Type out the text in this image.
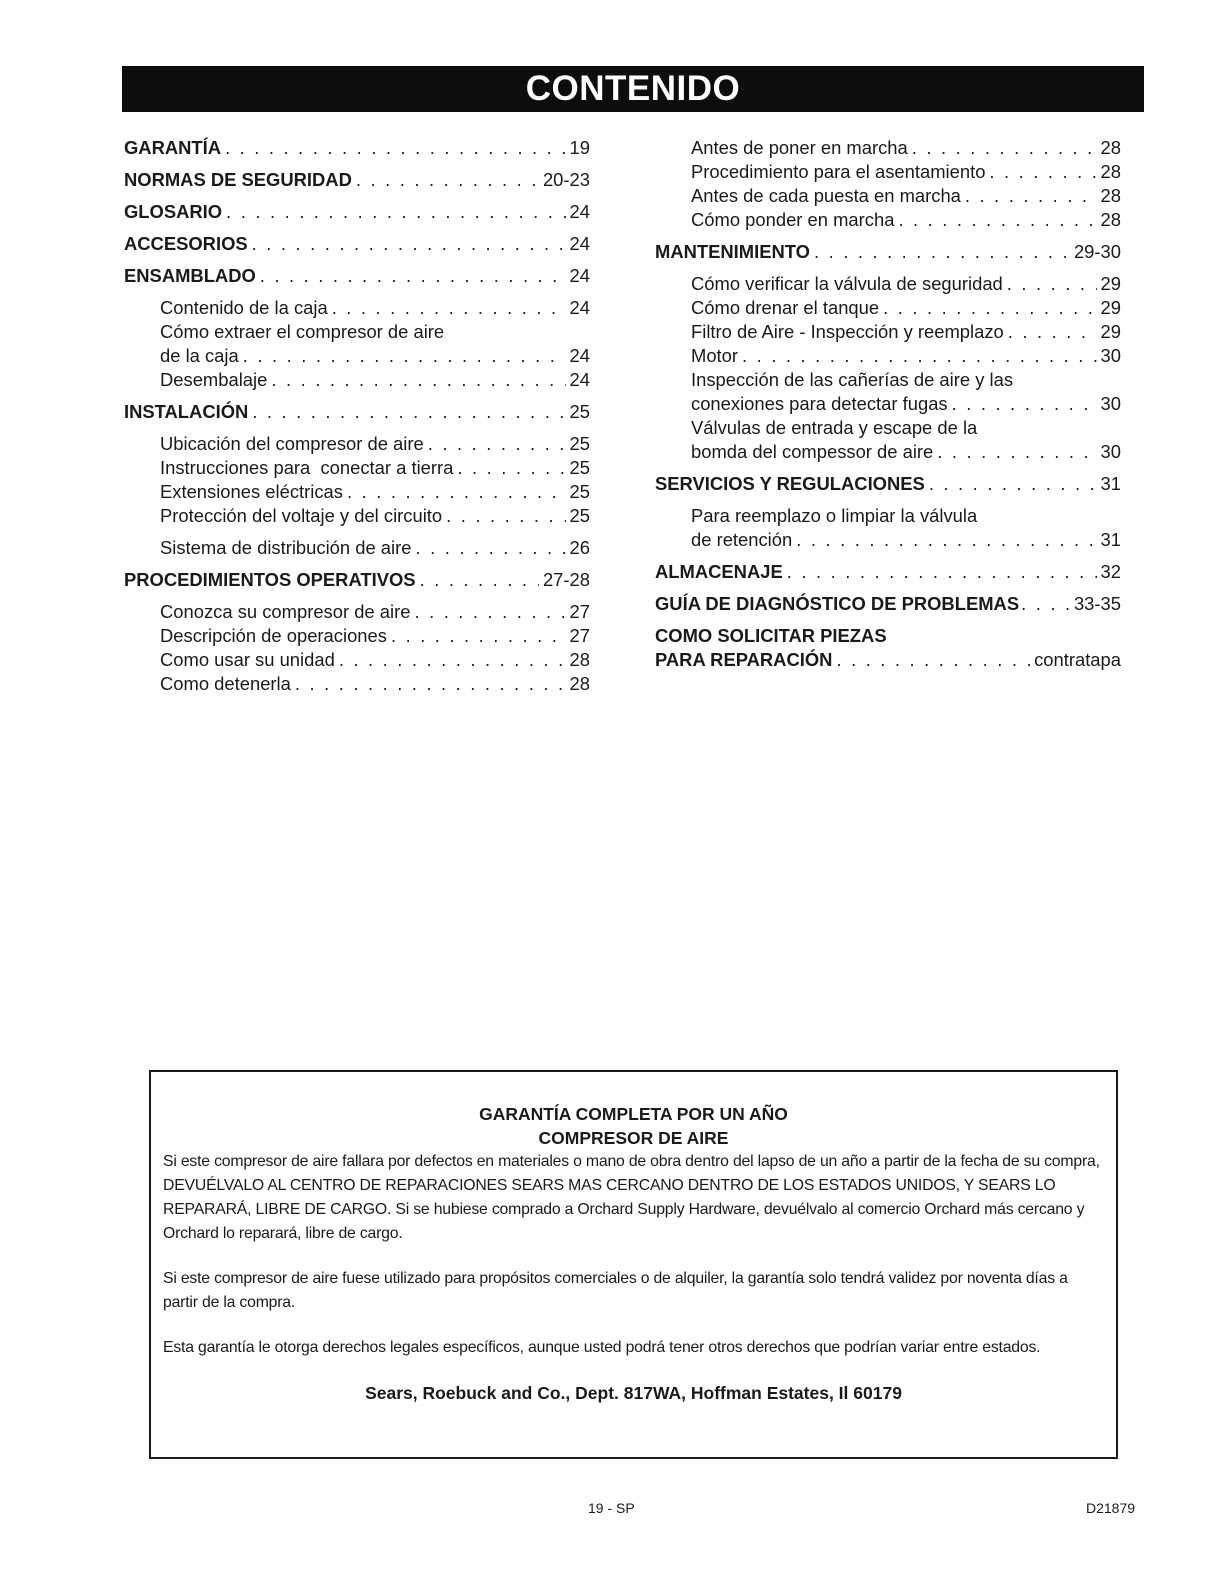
CONTENIDO
GARANTÍA . . .	19
NORMAS DE SEGURIDAD . . .	20-23
GLOSARIO . . .	24
ACCESORIOS . . .	24
ENSAMBLADO . . .	24
Contenido de la caja . . .	24
Cómo extraer el compresor de aire
de la caja . . .	24
Desembalaje . . .	24
INSTALACIÓN . . .	25
Ubicación del compresor de aire . . .	25
Instrucciones para  conectar a tierra . . .	25
Extensiones eléctricas . . .	25
Protección del voltaje y del circuito . . .	25
Sistema de distribución de aire . . .	26
PROCEDIMIENTOS OPERATIVOS . . .	27-28
Conozca su compresor de aire . . .	27
Descripción de operaciones . . .	27
Como usar su unidad . . .	28
Como detenerla . . .	28
Antes de poner en marcha . . .	28
Procedimiento para el asentamiento . . .	28
Antes de cada puesta en marcha . . .	28
Cómo ponder en marcha . . .	28
MANTENIMIENTO . . .	29-30
Cómo verificar la válvula de seguridad . . .	29
Cómo drenar el tanque . . .	29
Filtro de Aire - Inspección y reemplazo . . .	29
Motor . . .	30
Inspección de las cañerías de aire y las
conexiones para detectar fugas . . .	30
Válvulas de entrada y escape de la
bomda del compessor de aire . . .	30
SERVICIOS Y REGULACIONES . . .	31
Para reemplazo o limpiar la válvula
de retención . . .	31
ALMACENAJE . . .	32
GUÍA DE DIAGNÓSTICO DE PROBLEMAS . . .	33-35
COMO SOLICITAR PIEZAS
PARA REPARACIÓN . . .	contratapa
GARANTÍA COMPLETA POR UN AÑO
COMPRESOR DE AIRE
Si este compresor de aire fallara por defectos en materiales o mano de obra dentro del lapso de un año a partir de la fecha de su compra, DEVUÉLVALO AL CENTRO DE REPARACIONES SEARS MAS CERCANO DENTRO DE LOS ESTADOS UNIDOS, Y SEARS LO REPARARÁ, LIBRE DE CARGO. Si se hubiese comprado a Orchard Supply Hardware, devuélvalo al comercio Orchard más cercano y Orchard lo reparará, libre de cargo.
Si este compresor de aire fuese utilizado para propósitos comerciales o de alquiler, la garantía solo tendrá validez por noventa días a partir de la compra.
Esta garantía le otorga derechos legales específicos, aunque usted podrá tener otros derechos que podrían variar entre estados.
Sears, Roebuck and Co., Dept. 817WA, Hoffman Estates, Il 60179
19 - SP	D21879
